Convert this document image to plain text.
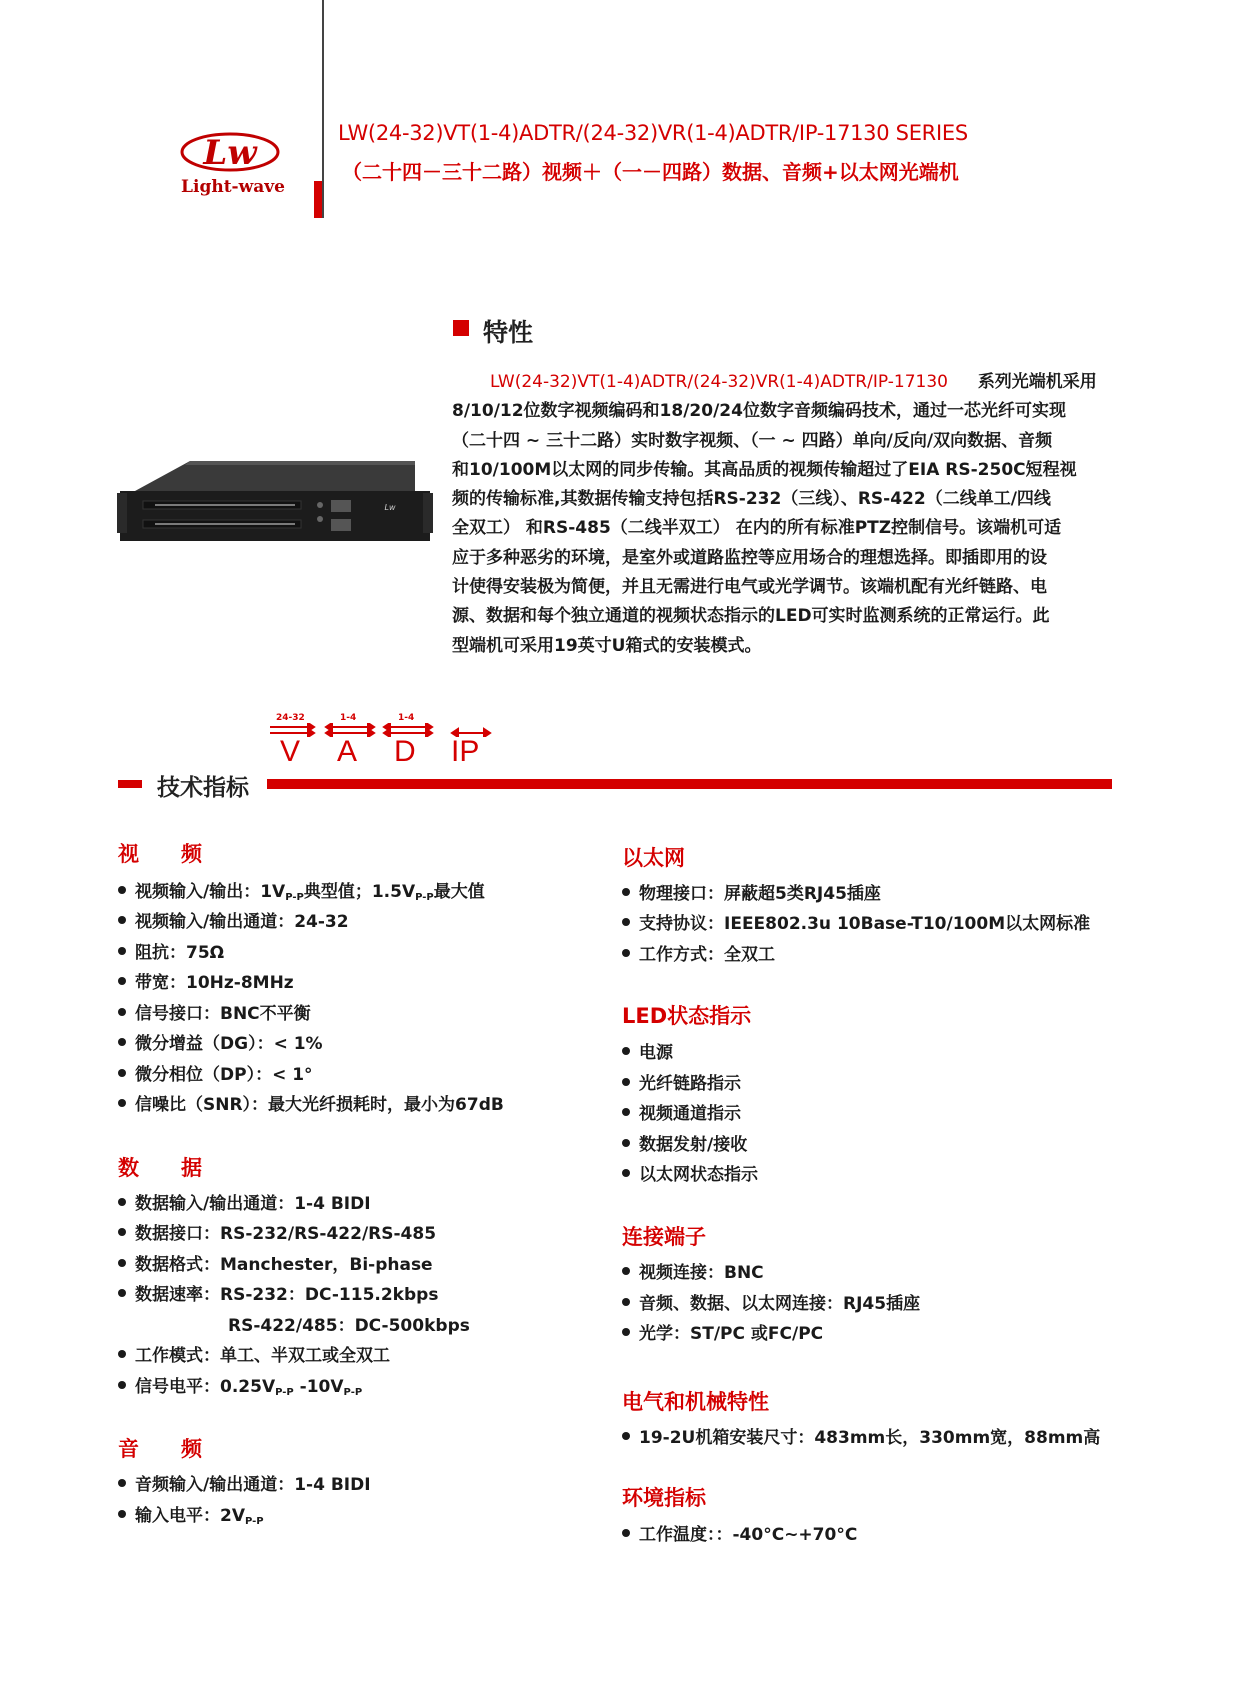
Lw
Light-wave
LW(24-32)VT(1-4)ADTR/(24-32)VR(1-4)ADTR/IP-17130 SERIES
（二十四－三十二路）视频＋（一－四路）数据、音频+以太网光端机
特性
LW(24-32)VT(1-4)ADTR/(24-32)VR(1-4)ADTR/IP-17130 系列光端机采用
8/10/12位数字视频编码和18/20/24位数字音频编码技术，通过一芯光纤可实现
（二十四 ~ 三十二路）实时数字视频、（一 ~ 四路）单向/反向/双向数据、音频
和10/100M以太网的同步传输。其高品质的视频传输超过了EIA RS-250C短程视
频的传输标准,其数据传输支持包括RS-232（三线）、RS-422（二线单工/四线
全双工） 和RS-485（二线半双工） 在内的所有标准PTZ控制信号。该端机可适
应于多种恶劣的环境，是室外或道路监控等应用场合的理想选择。即插即用的设
计使得安装极为简便，并且无需进行电气或光学调节。该端机配有光纤链路、电
源、数据和每个独立通道的视频状态指示的LED可实时监测系统的正常运行。此
型端机可采用19英寸U箱式的安装模式。
Lw
24-32	1-4	1-4
V A D IP
技术指标
视　　频
视频输入/输出：$1V_{P-P}$典型值；$1.5V_{P-P}$最大值
视频输入/输出通道：24-32
阻抗：75Ω
带宽：10Hz-8MHz
信号接口：BNC不平衡
微分增益（DG）：< 1%
微分相位（DP）：< 1°
信噪比（SNR）：最大光纤损耗时，最小为67dB
数　　据
数据输入/输出通道：1-4 BIDI
数据接口：RS-232/RS-422/RS-485
数据格式：Manchester，Bi-phase
数据速率：RS-232：DC-115.2kbps
RS-422/485：DC-500kbps
工作模式：单工、半双工或全双工
信号电平：$0.25V_{P-P}$ $-10V_{P-P}$
音　　频
音频输入/输出通道：1-4 BIDI
输入电平：$2V_{P-P}$
以太网
物理接口：屏蔽超5类RJ45插座
支持协议：IEEE802.3u 10Base-T10/100M以太网标准
工作方式：全双工
LED状态指示
电源
光纤链路指示
视频通道指示
数据发射/接收
以太网状态指示
连接端子
视频连接：BNC
音频、数据、以太网连接：RJ45插座
光学：ST/PC 或FC/PC
电气和机械特性
19-2U机箱安装尺寸：483mm长，330mm宽，88mm高
环境指标
工作温度：：-40°C~+70°C
